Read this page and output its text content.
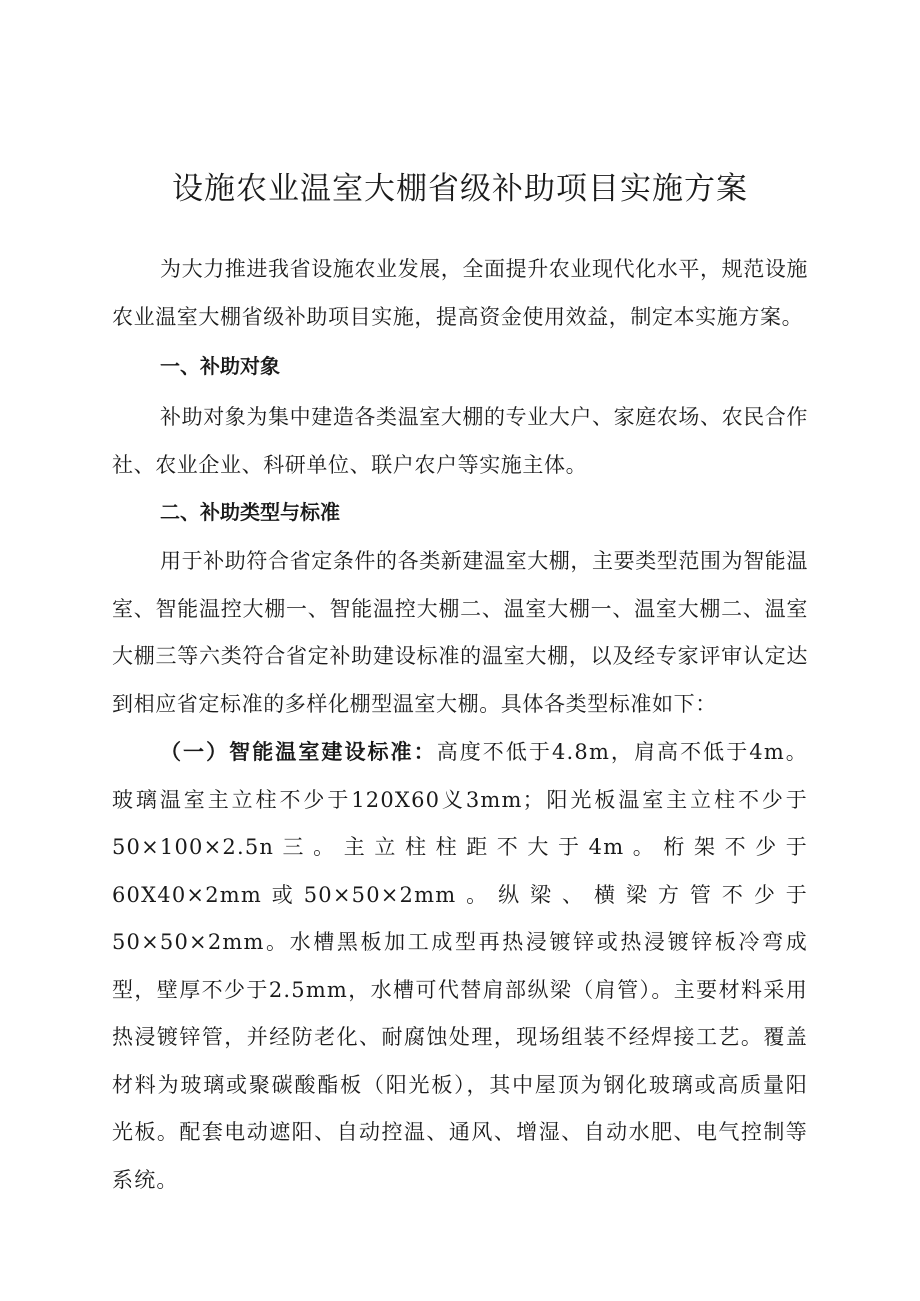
设施农业温室大棚省级补助项目实施方案

为大力推进我省设施农业发展，全面提升农业现代化水平，规范设施农业温室大棚省级补助项目实施，提高资金使用效益，制定本实施方案。

一、补助对象

补助对象为集中建造各类温室大棚的专业大户、家庭农场、农民合作社、农业企业、科研单位、联户农户等实施主体。

二、补助类型与标准

用于补助符合省定条件的各类新建温室大棚，主要类型范围为智能温室、智能温控大棚一、智能温控大棚二、温室大棚一、温室大棚二、温室大棚三等六类符合省定补助建设标准的温室大棚，以及经专家评审认定达到相应省定标准的多样化棚型温室大棚。具体各类型标准如下：

（一）智能温室建设标准：高度不低于4.8m，肩高不低于4m。玻璃温室主立柱不少于120X60义3mm；阳光板温室主立柱不少于50×100×2.5n三。主立柱柱距不大于4m。桁架不少于60X40×2mm或50×50×2mm。纵梁、横梁方管不少于50×50×2mm。水槽黑板加工成型再热浸镀锌或热浸镀锌板冷弯成型，壁厚不少于2.5mm，水槽可代替肩部纵梁（肩管）。主要材料采用热浸镀锌管，并经防老化、耐腐蚀处理，现场组装不经焊接工艺。覆盖材料为玻璃或聚碳酸酯板（阳光板），其中屋顶为钢化玻璃或高质量阳光板。配套电动遮阳、自动控温、通风、增湿、自动水肥、电气控制等系统。
